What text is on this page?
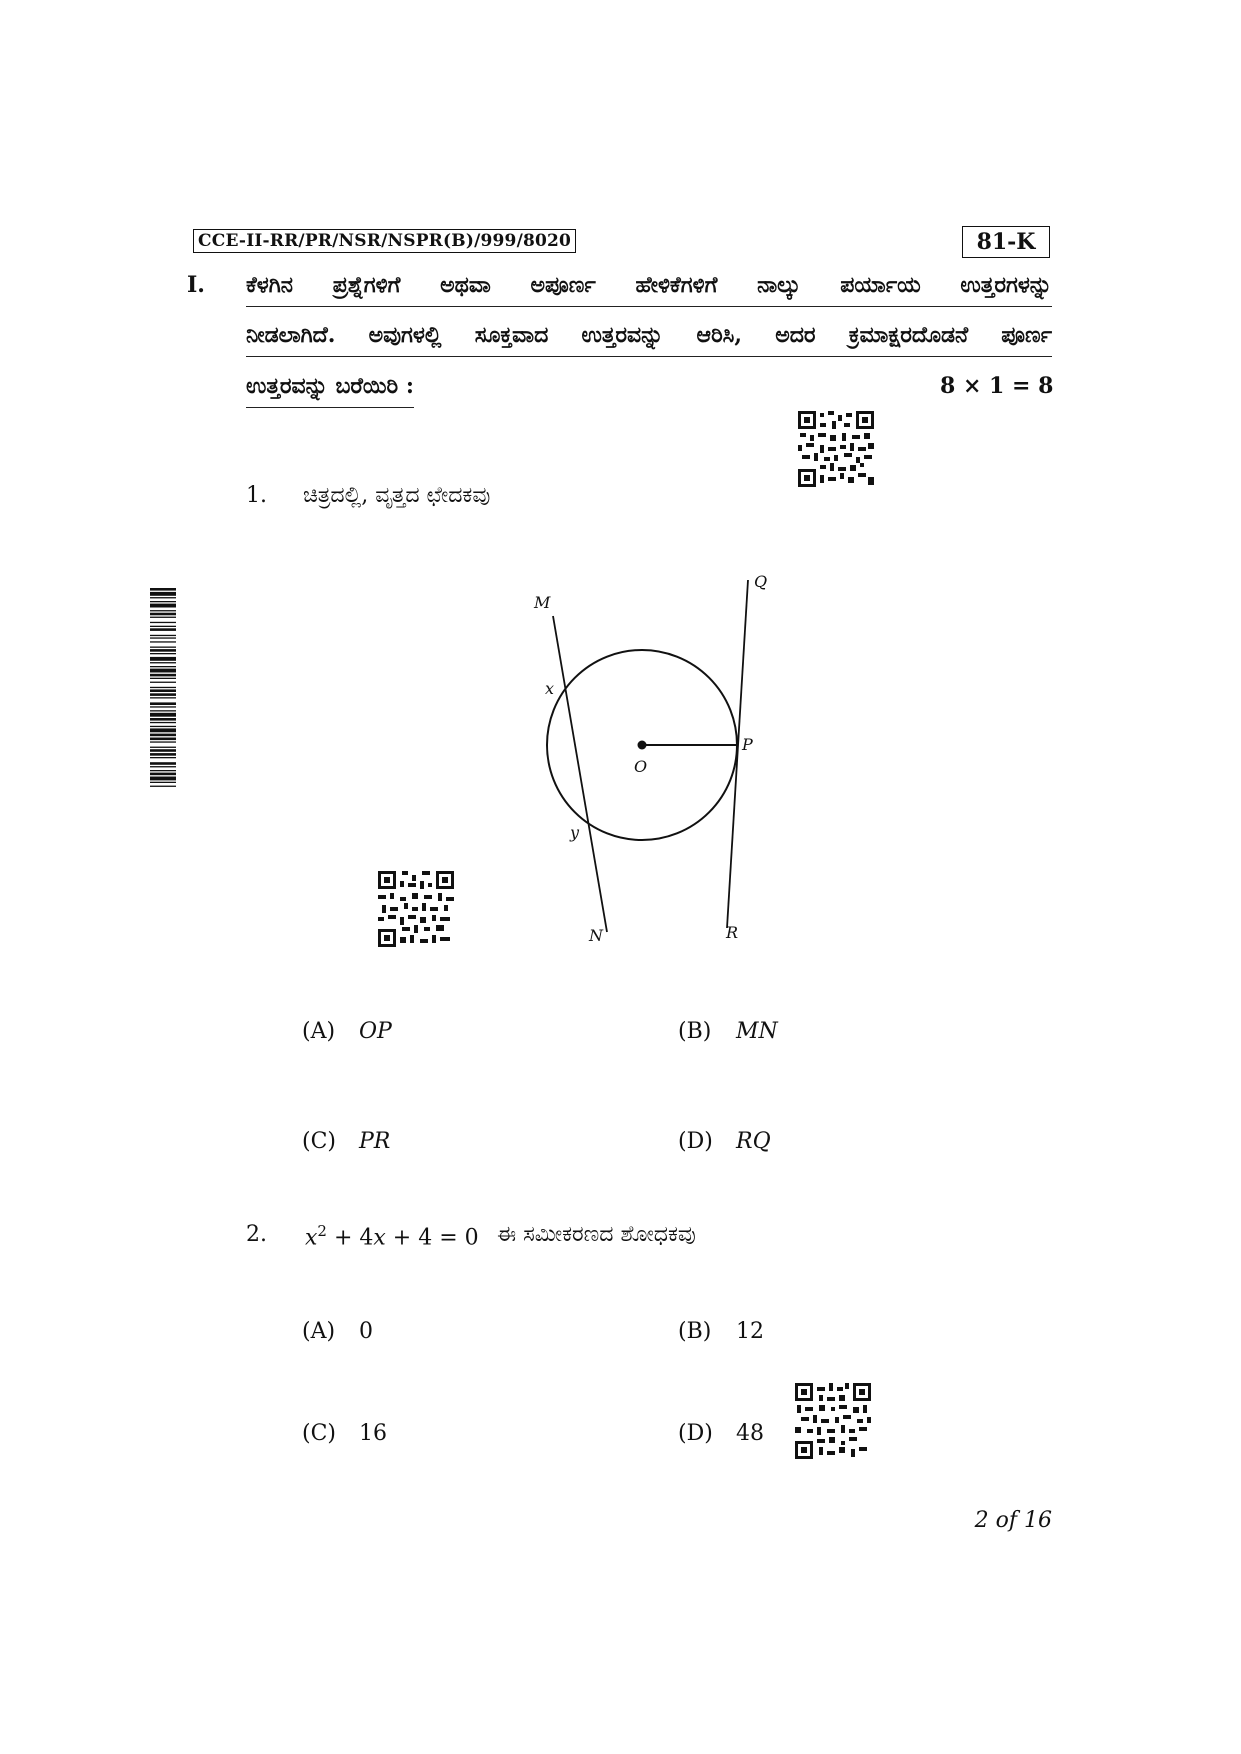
CCE-II-RR/PR/NSR/NSPR(B)/999/8020	81-K
I. ಕೆಳಗಿನ ಪ್ರಶ್ನೆಗಳಿಗೆ ಅಥವಾ ಅಪೂರ್ಣ ಹೇಳಿಕೆಗಳಿಗೆ ನಾಲ್ಕು ಪರ್ಯಾಯ ಉತ್ತರಗಳನ್ನು
ನೀಡಲಾಗಿದೆ. ಅವುಗಳಲ್ಲಿ ಸೂಕ್ತವಾದ ಉತ್ತರವನ್ನು ಆರಿಸಿ, ಅದರ ಕ್ರಮಾಕ್ಷರದೊಡನೆ ಪೂರ್ಣ
ಉತ್ತರವನ್ನು ಬರೆಯಿರಿ :	8 × 1 = 8
1. ಚಿತ್ರದಲ್ಲಿ, ವೃತ್ತದ ಛೇದಕವು
M
N
Q
R
P
O
x
y
(A) OP	(B) MN
(C) PR	(D) RQ
2. $x^2 + 4x + 4 = 0$ ಈ ಸಮೀಕರಣದ ಶೋಧಕವು
(A) 0	(B) 12
(C) 16	(D) 48
2 of 16
